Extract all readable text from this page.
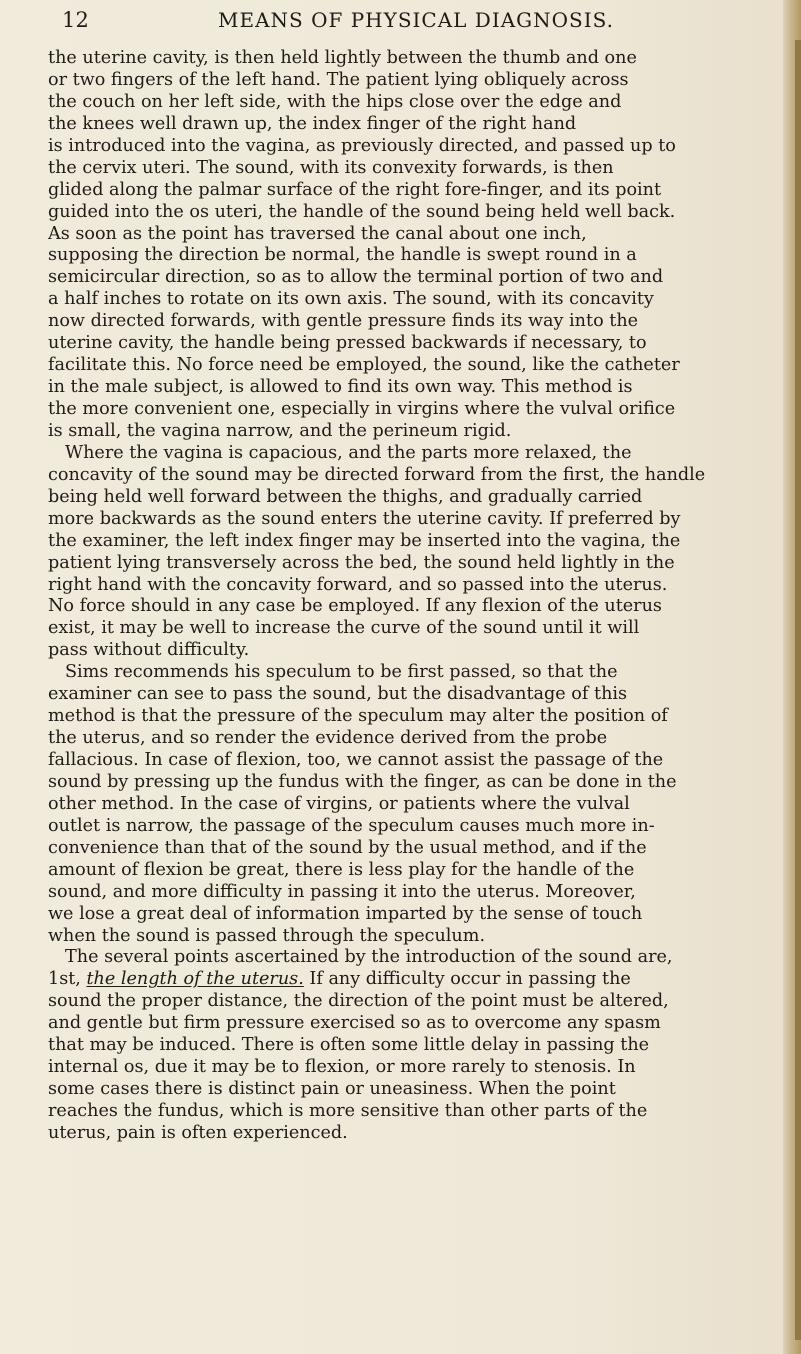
12	MEANS OF PHYSICAL DIAGNOSIS.
the uterine cavity, is then held lightly between the thumb and one
or two fingers of the left hand. The patient lying obliquely across
the couch on her left side, with the hips close over the edge and
the knees well drawn up, the index finger of the right hand
is introduced into the vagina, as previously directed, and passed up to
the cervix uteri. The sound, with its convexity forwards, is then
glided along the palmar surface of the right fore-finger, and its point
guided into the os uteri, the handle of the sound being held well back.
As soon as the point has traversed the canal about one inch,
supposing the direction be normal, the handle is swept round in a
semicircular direction, so as to allow the terminal portion of two and
a half inches to rotate on its own axis. The sound, with its concavity
now directed forwards, with gentle pressure finds its way into the
uterine cavity, the handle being pressed backwards if necessary, to
facilitate this. No force need be employed, the sound, like the catheter
in the male subject, is allowed to find its own way. This method is
the more convenient one, especially in virgins where the vulval orifice
is small, the vagina narrow, and the perineum rigid.
Where the vagina is capacious, and the parts more relaxed, the
concavity of the sound may be directed forward from the first, the handle
being held well forward between the thighs, and gradually carried
more backwards as the sound enters the uterine cavity. If preferred by
the examiner, the left index finger may be inserted into the vagina, the
patient lying transversely across the bed, the sound held lightly in the
right hand with the concavity forward, and so passed into the uterus.
No force should in any case be employed. If any flexion of the uterus
exist, it may be well to increase the curve of the sound until it will
pass without difficulty.
Sims recommends his speculum to be first passed, so that the
examiner can see to pass the sound, but the disadvantage of this
method is that the pressure of the speculum may alter the position of
the uterus, and so render the evidence derived from the probe
fallacious. In case of flexion, too, we cannot assist the passage of the
sound by pressing up the fundus with the finger, as can be done in the
other method. In the case of virgins, or patients where the vulval
outlet is narrow, the passage of the speculum causes much more in-
convenience than that of the sound by the usual method, and if the
amount of flexion be great, there is less play for the handle of the
sound, and more difficulty in passing it into the uterus. Moreover,
we lose a great deal of information imparted by the sense of touch
when the sound is passed through the speculum.
The several points ascertained by the introduction of the sound are,
1st, the length of the uterus. If any difficulty occur in passing the
sound the proper distance, the direction of the point must be altered,
and gentle but firm pressure exercised so as to overcome any spasm
that may be induced. There is often some little delay in passing the
internal os, due it may be to flexion, or more rarely to stenosis. In
some cases there is distinct pain or uneasiness. When the point
reaches the fundus, which is more sensitive than other parts of the
uterus, pain is often experienced.
